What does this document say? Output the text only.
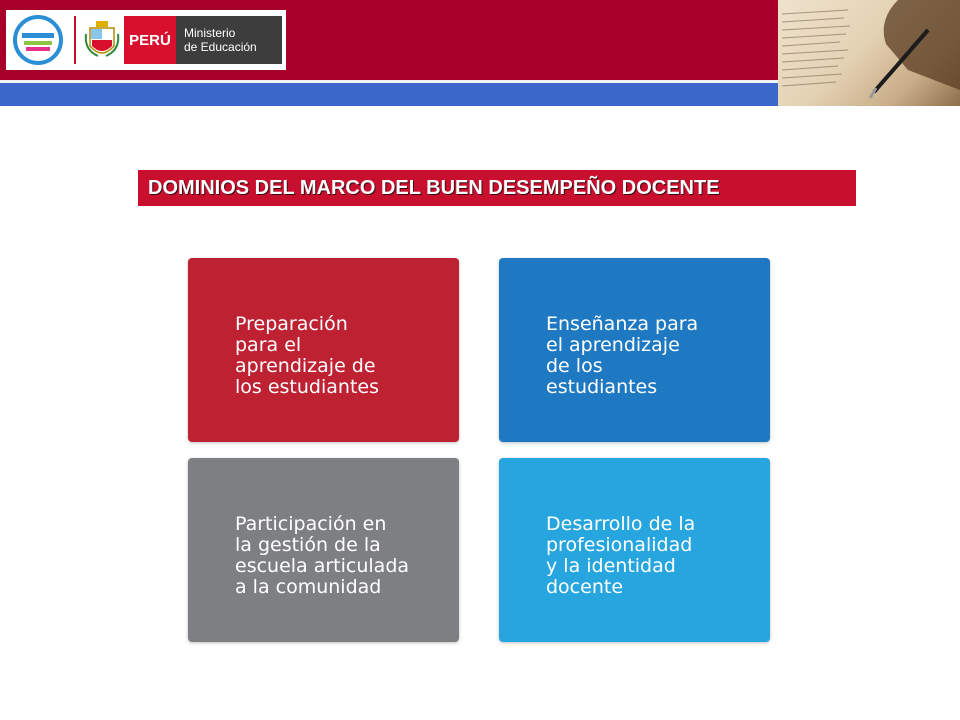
PERÚ	Ministerio
de Educación
DOMINIOS DEL MARCO DEL BUEN DESEMPEÑO DOCENTE
Preparación
para el
aprendizaje de
los estudiantes
Enseñanza para
el aprendizaje
de los
estudiantes
Participación en
la gestión de la
escuela articulada
a la comunidad
Desarrollo de la
profesionalidad
y la identidad
docente
